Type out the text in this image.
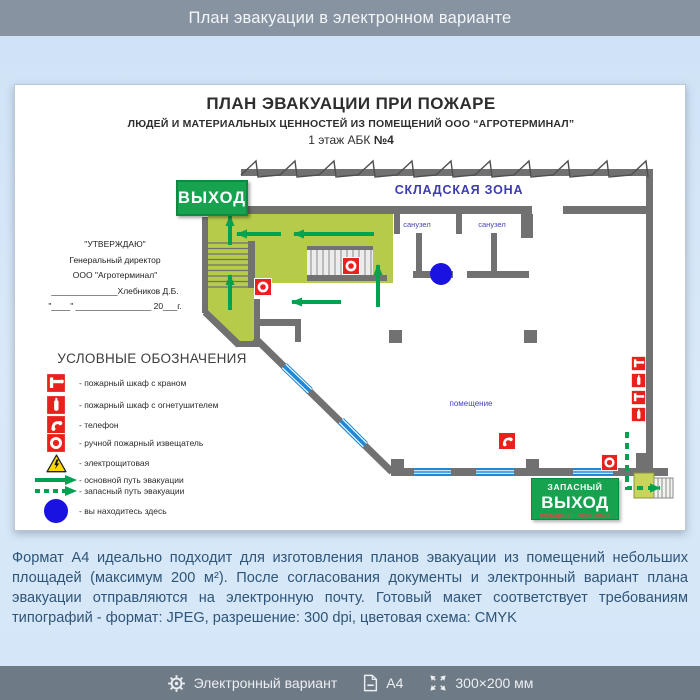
План эвакуации в электронном варианте
СКЛАДСКАЯ ЗОНА
санузел	санузел
помещение
ПЛАН ЭВАКУАЦИИ ПРИ ПОЖАРЕ
ЛЮДЕЙ И МАТЕРИАЛЬНЫХ ЦЕННОСТЕЙ ИЗ ПОМЕЩЕНИЙ ООО “АГРОТЕРМИНАЛ”
1 этаж АБК №4
ВЫХОД
ЗАПАСНЫЙ
ВЫХОД
пожарная лестница
"УТВЕРЖДАЮ"
Генеральный директор
ООО "Агротерминал"
______________Хлебников Д.Б.
"____" ________________ 20___г.
УСЛОВНЫЕ ОБОЗНАЧЕНИЯ
- пожарный шкаф с краном
- пожарный шкаф с огнетушителем
- телефон
- ручной пожарный извещатель
- электрощитовая
- основной путь эвакуации
- запасный путь эвакуации
- вы находитесь здесь
Формат А4 идеально подходит для изготовления планов эвакуации из помещений небольших площадей (максимум 200 м²). После согласования документы и электронный вариант плана эвакуации отправляются на электронную почту. Готовый макет соответствует требованиям типографий - формат: JPEG, разрешение: 300 dpi, цветовая схема: CMYK
Электронный вариант	A4	300×200 мм
